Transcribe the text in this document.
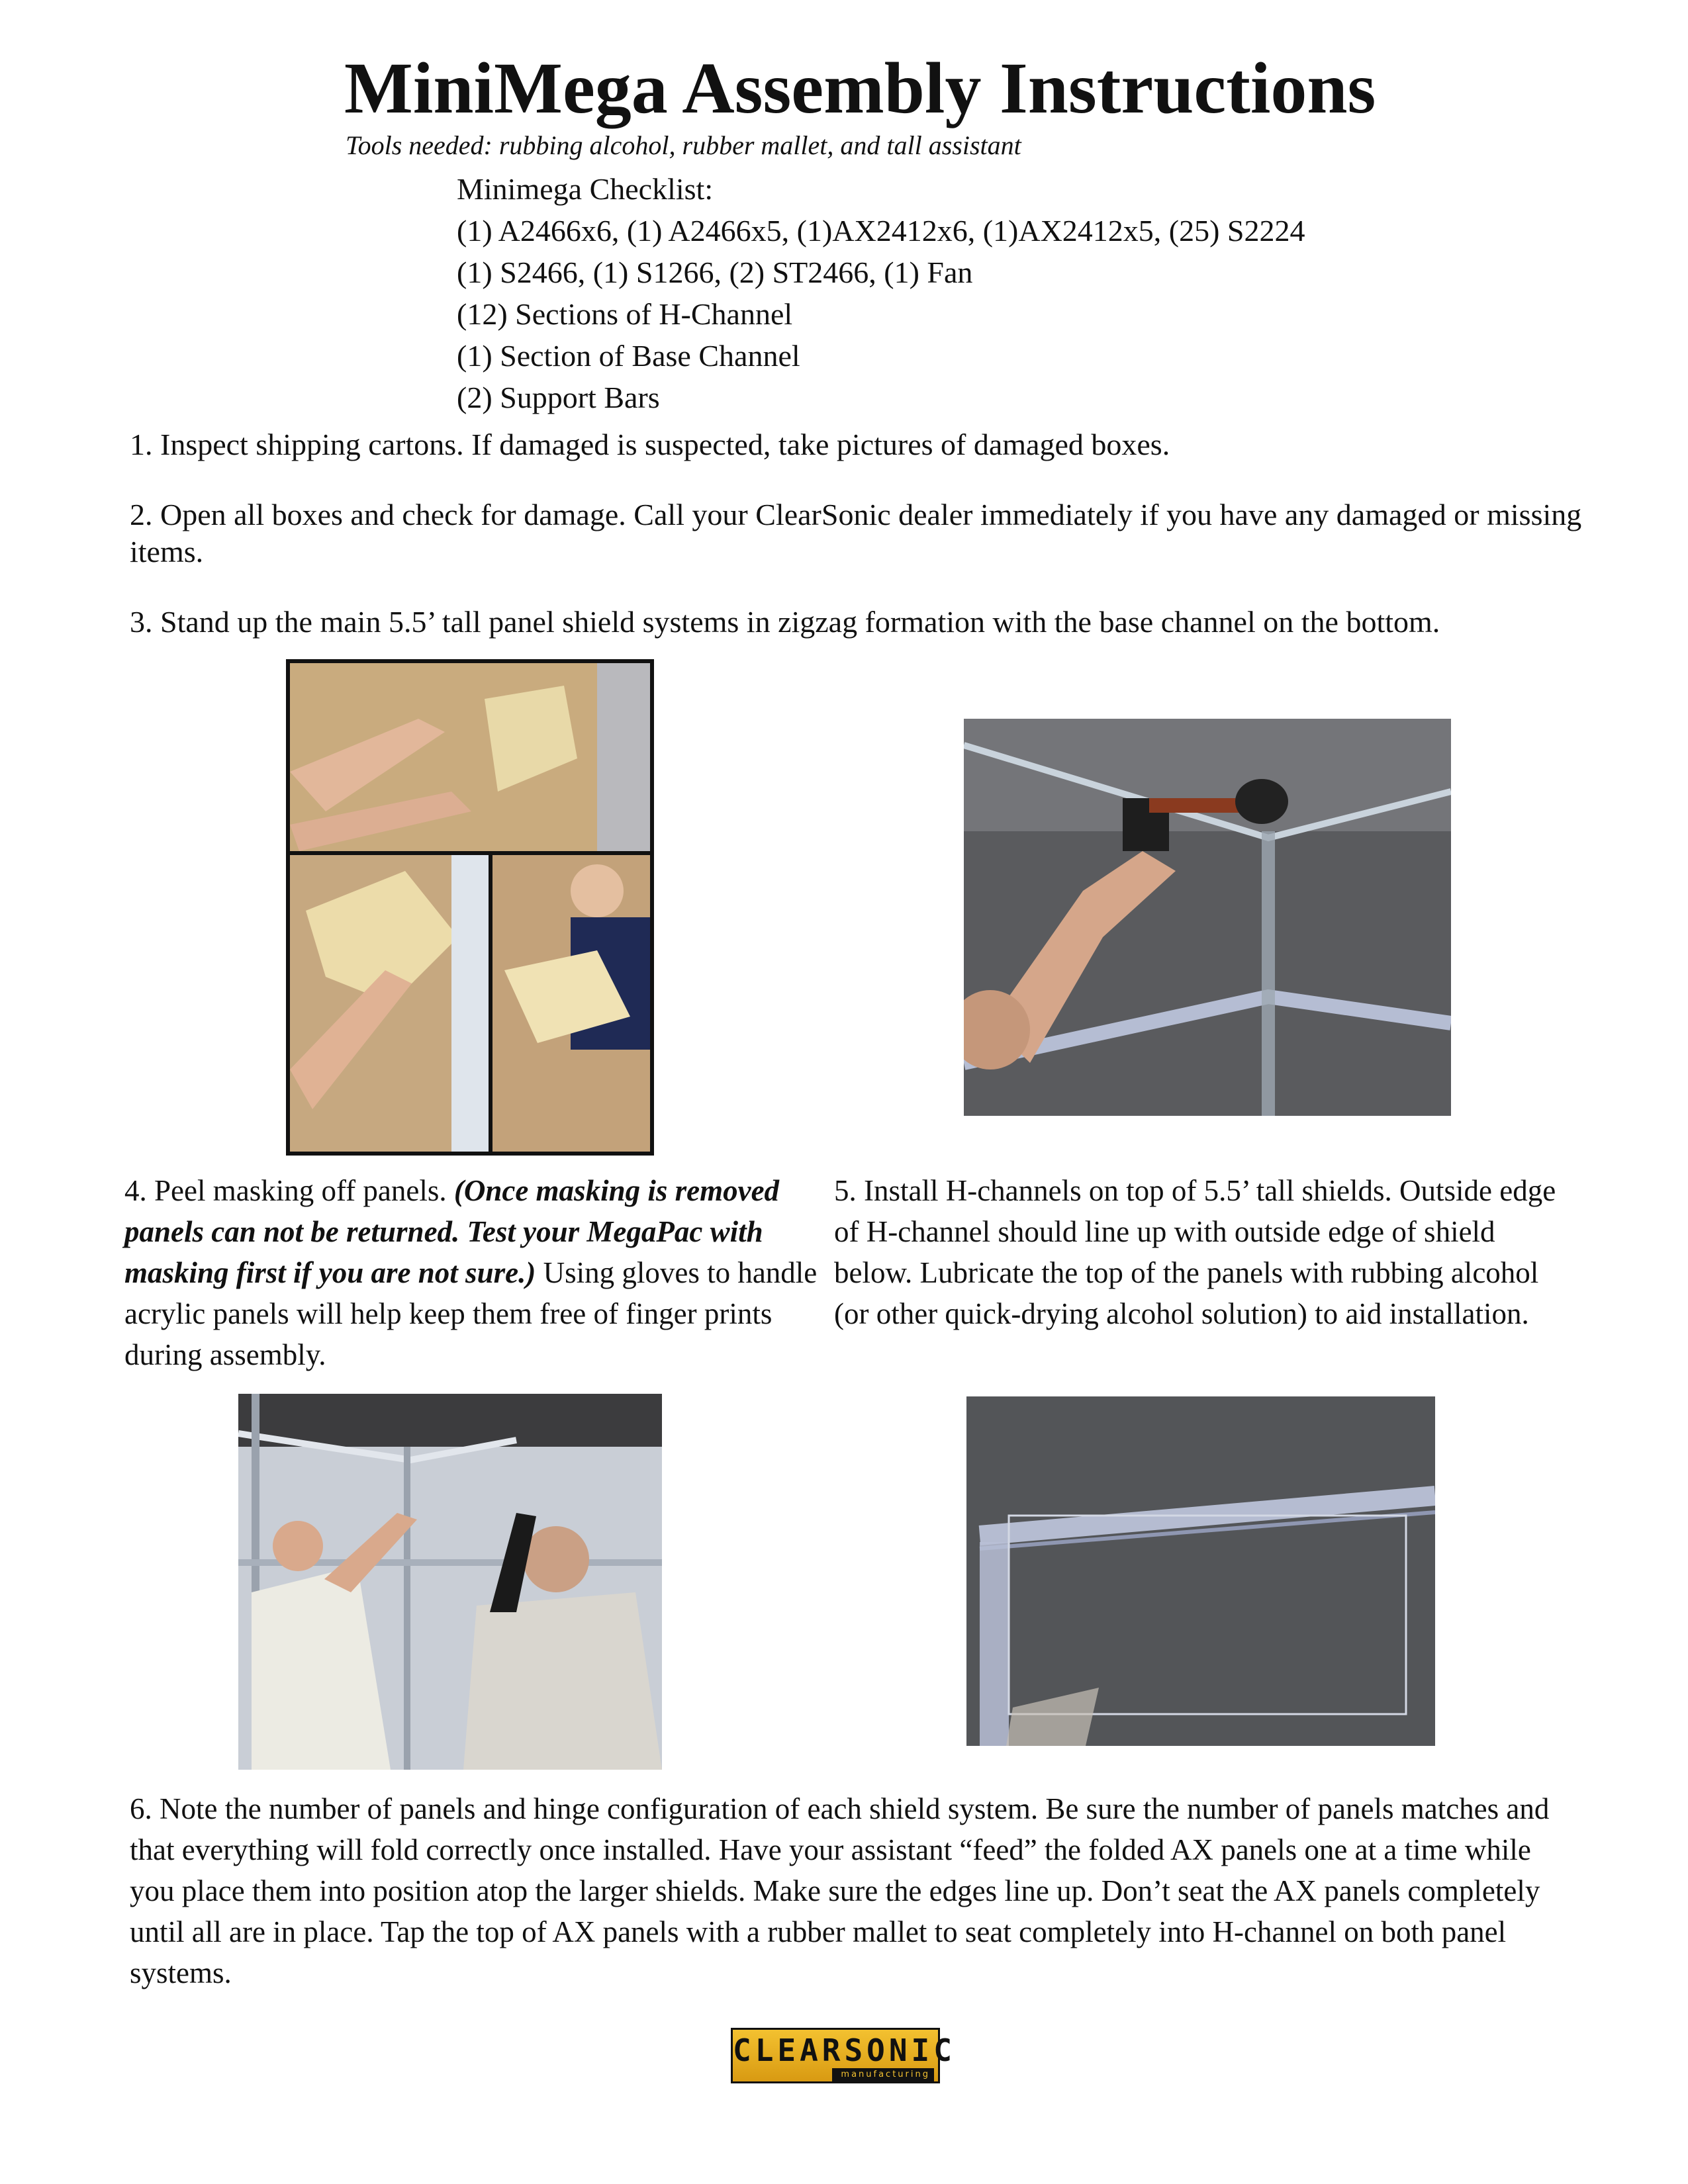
MiniMega Assembly Instructions
Tools needed: rubbing alcohol, rubber mallet, and tall assistant
Minimega Checklist:
(1) A2466x6, (1) A2466x5, (1)AX2412x6, (1)AX2412x5, (25) S2224
(1) S2466, (1) S1266, (2) ST2466, (1) Fan
(12) Sections of H-Channel
(1) Section of Base Channel
(2) Support Bars
1. Inspect shipping cartons. If damaged is suspected, take pictures of damaged boxes.
2. Open all boxes and check for damage. Call your ClearSonic dealer immediately if you have any damaged or missing items.
3. Stand up the main 5.5’ tall panel shield systems in zigzag formation with the base channel on the bottom.
4. Peel masking off panels. (Once masking is removed panels can not be returned. Test your MegaPac with masking first if you are not sure.) Using gloves to handle acrylic panels will help keep them free of finger prints during assembly.
5. Install H-channels on top of 5.5’ tall shields. Outside edge of H-channel should line up with outside edge of shield below. Lubricate the top of the panels with rubbing alcohol (or other quick-drying alcohol solution) to aid installation.
6. Note the number of panels and hinge configuration of each shield system. Be sure the number of panels matches and that everything will fold correctly once installed. Have your assistant “feed” the folded AX panels one at a time while you place them into position atop the larger shields. Make sure the edges line up. Don’t seat the AX panels completely until all are in place. Tap the top of AX panels with a rubber mallet to seat completely into H-channel on both panel systems.
CLEARSONIC
manufacturing
